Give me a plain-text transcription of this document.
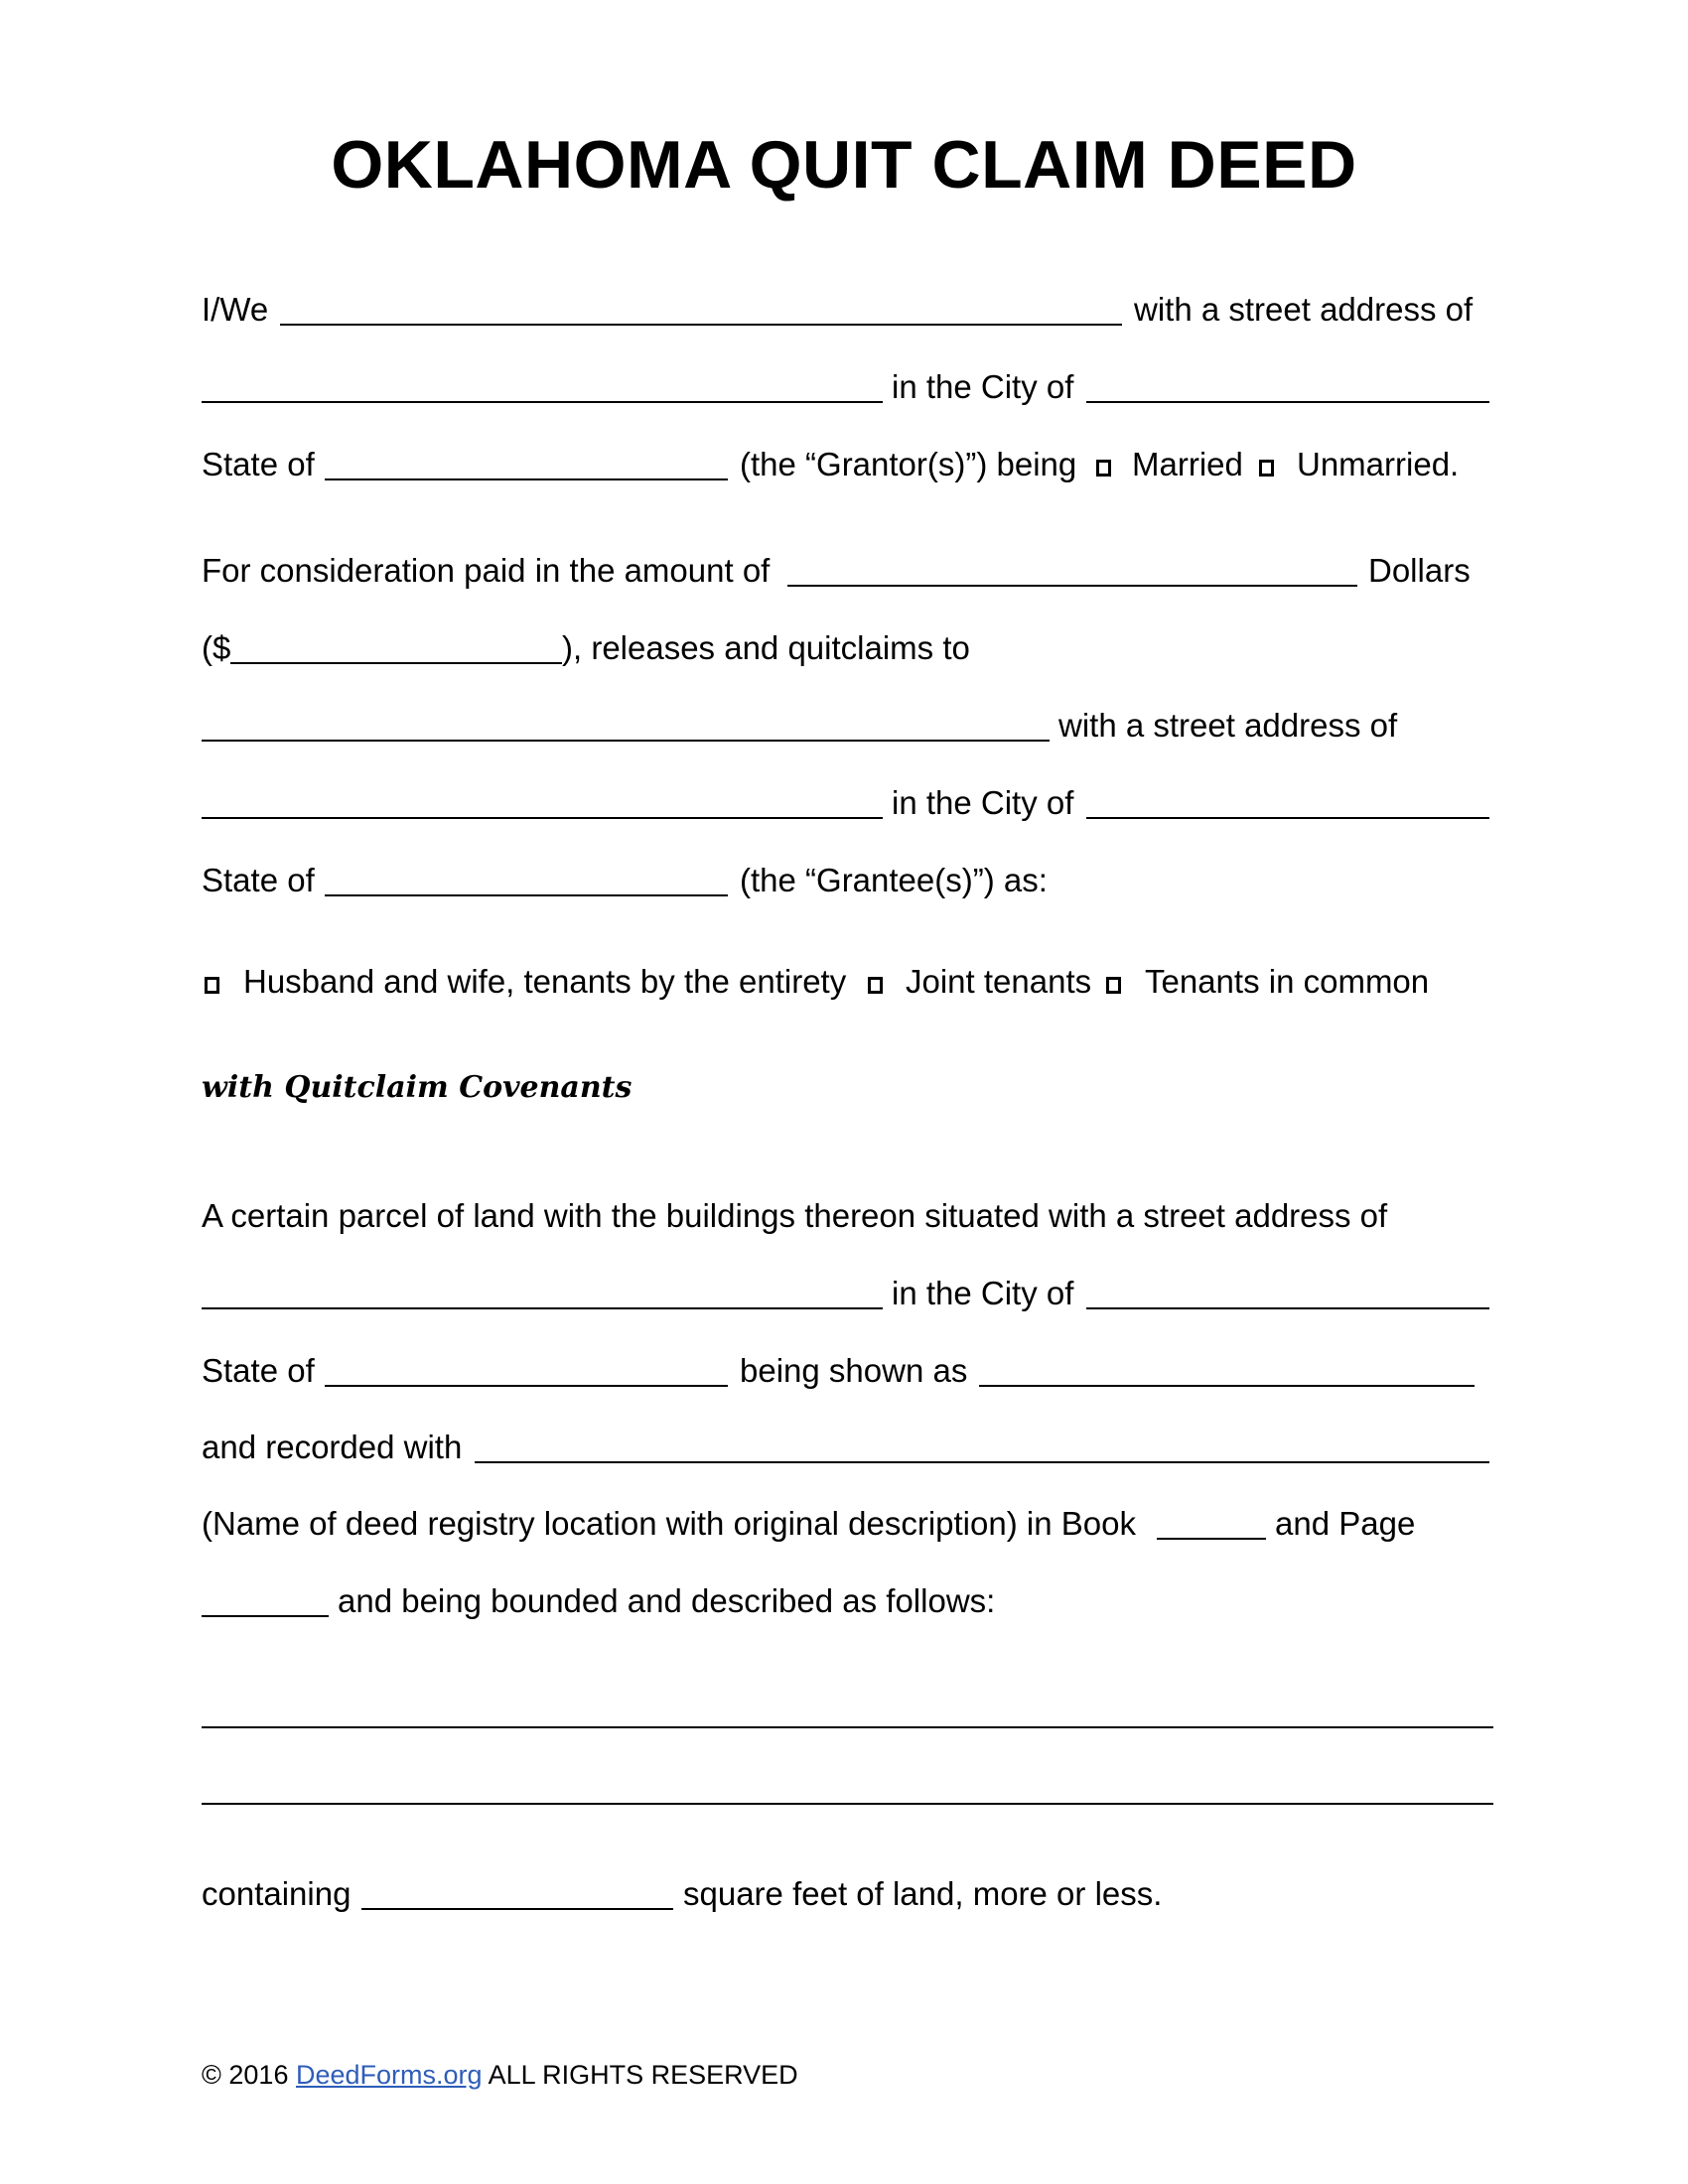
OKLAHOMA QUIT CLAIM DEED
I/We	with a street address of
in the City of
State of	(the “Grantor(s)”) being Married Unmarried.
For consideration paid in the amount of	Dollars
($	), releases and quitclaims to
with a street address of
in the City of
State of	(the “Grantee(s)”) as:
Husband and wife, tenants by the entirety Joint tenants Tenants in common
with Quitclaim Covenants
A certain parcel of land with the buildings thereon situated with a street address of
in the City of
State of	being shown as
and recorded with
(Name of deed registry location with original description) in Book	and Page
and being bounded and described as follows:
containing	square feet of land, more or less.
© 2016 DeedForms.org ALL RIGHTS RESERVED
